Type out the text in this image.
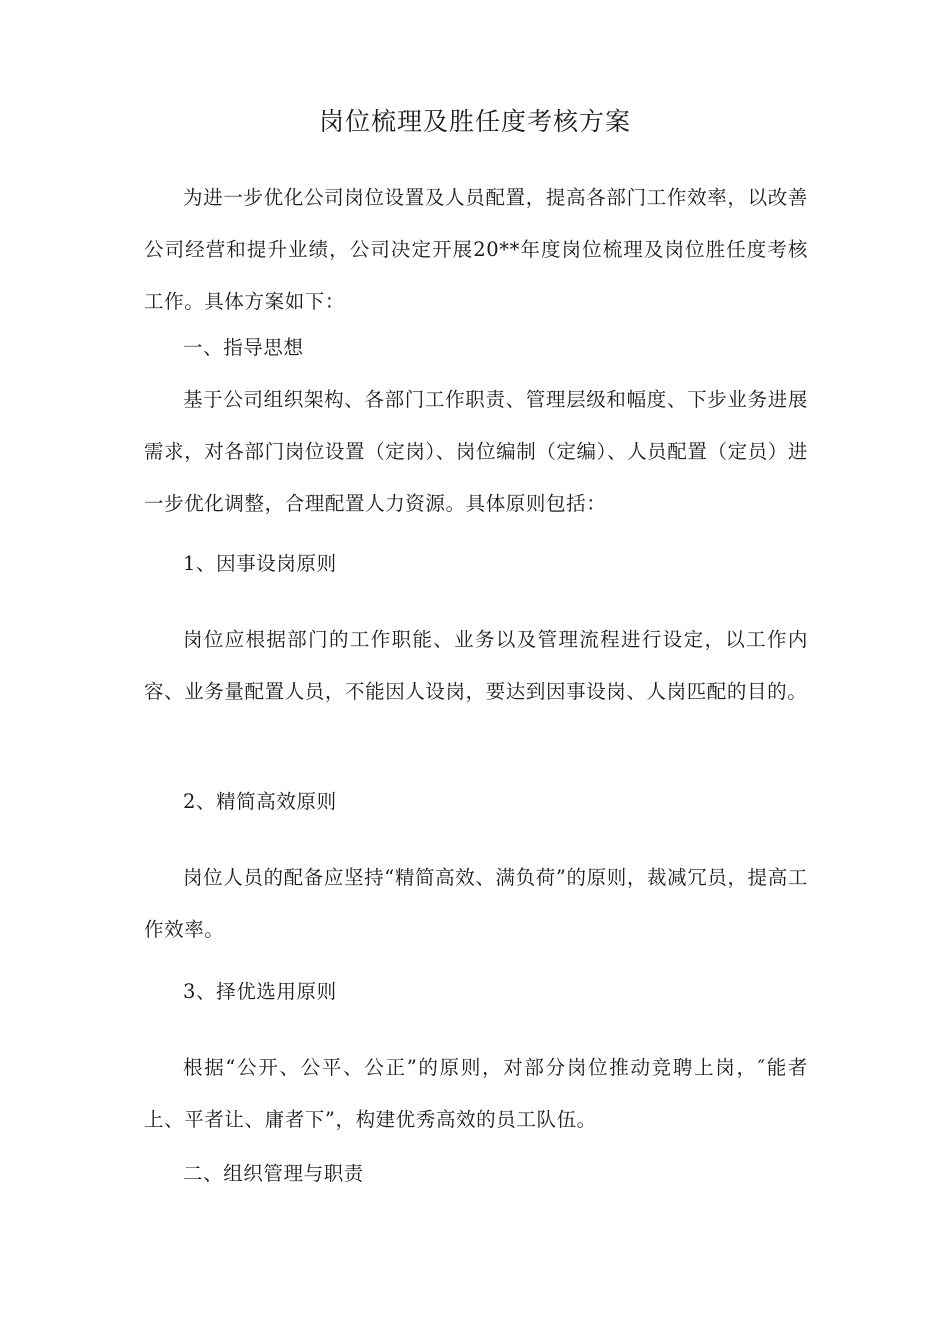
岗位梳理及胜任度考核方案

为进一步优化公司岗位设置及人员配置，提高各部门工作效率，以改善公司经营和提升业绩，公司决定开展20**年度岗位梳理及岗位胜任度考核工作。具体方案如下：

一、指导思想

基于公司组织架构、各部门工作职责、管理层级和幅度、下步业务进展需求，对各部门岗位设置（定岗）、岗位编制（定编）、人员配置（定员）进一步优化调整，合理配置人力资源。具体原则包括：

1、因事设岗原则

岗位应根据部门的工作职能、业务以及管理流程进行设定，以工作内容、业务量配置人员，不能因人设岗，要达到因事设岗、人岗匹配的目的。

2、精简高效原则

岗位人员的配备应坚持“精简高效、满负荷”的原则，裁减冗员，提高工作效率。

3、择优选用原则

根据“公开、公平、公正”的原则，对部分岗位推动竞聘上岗，″能者上、平者让、庸者下”，构建优秀高效的员工队伍。

二、组织管理与职责
